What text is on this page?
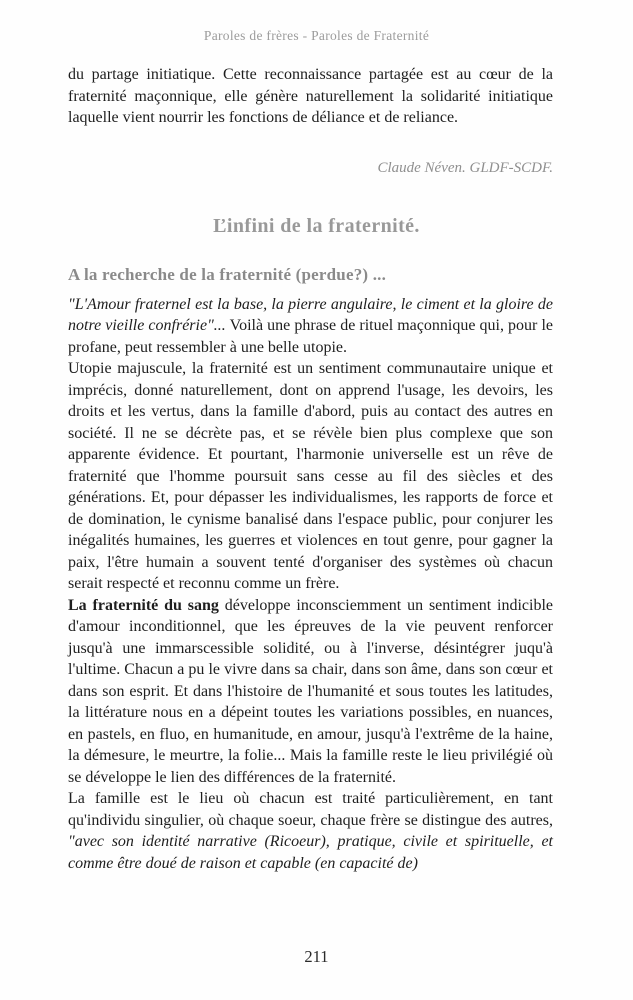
Paroles de frères - Paroles de Fraternité

du partage initiatique. Cette reconnaissance partagée est au cœur de la fraternité maçonnique, elle génère naturellement la solidarité initiatique laquelle vient nourrir les fonctions de déliance et de reliance.

Claude Néven. GLDF-SCDF.
Ľinfini de la fraternité.
A la recherche de la fraternité (perdue?) ...

"L'Amour fraternel est la base, la pierre angulaire, le ciment et la gloire de notre vieille confrérie"... Voilà une phrase de rituel maçonnique qui, pour le profane, peut ressembler à une belle utopie.

Utopie majuscule, la fraternité est un sentiment communautaire unique et imprécis, donné naturellement, dont on apprend l'usage, les devoirs, les droits et les vertus, dans la famille d'abord, puis au contact des autres en société. Il ne se décrète pas, et se révèle bien plus complexe que son apparente évidence. Et pourtant, l'harmonie universelle est un rêve de fraternité que l'homme poursuit sans cesse au fil des siècles et des générations. Et, pour dépasser les individualismes, les rapports de force et de domination, le cynisme banalisé dans l'espace public, pour conjurer les inégalités humaines, les guerres et violences en tout genre, pour gagner la paix, l'être humain a souvent tenté d'organiser des systèmes où chacun serait respecté et reconnu comme un frère.

La fraternité du sang développe inconsciemment un sentiment indicible d'amour inconditionnel, que les épreuves de la vie peuvent renforcer jusqu'à une immarscessible solidité, ou à l'inverse, désintégrer juqu'à l'ultime. Chacun a pu le vivre dans sa chair, dans son âme, dans son cœur et dans son esprit. Et dans l'histoire de l'humanité et sous toutes les latitudes, la littérature nous en a dépeint toutes les variations possibles, en nuances, en pastels, en fluo, en humanitude, en amour, jusqu'à l'extrême de la haine, la démesure, le meurtre, la folie... Mais la famille reste le lieu privilégié où se développe le lien des différences de la fraternité.

La famille est le lieu où chacun est traité particulièrement, en tant qu'individu singulier, où chaque soeur, chaque frère se distingue des autres, "avec son identité narrative (Ricoeur), pratique, civile et spirituelle, et comme être doué de raison et capable (en capacité de)

211
